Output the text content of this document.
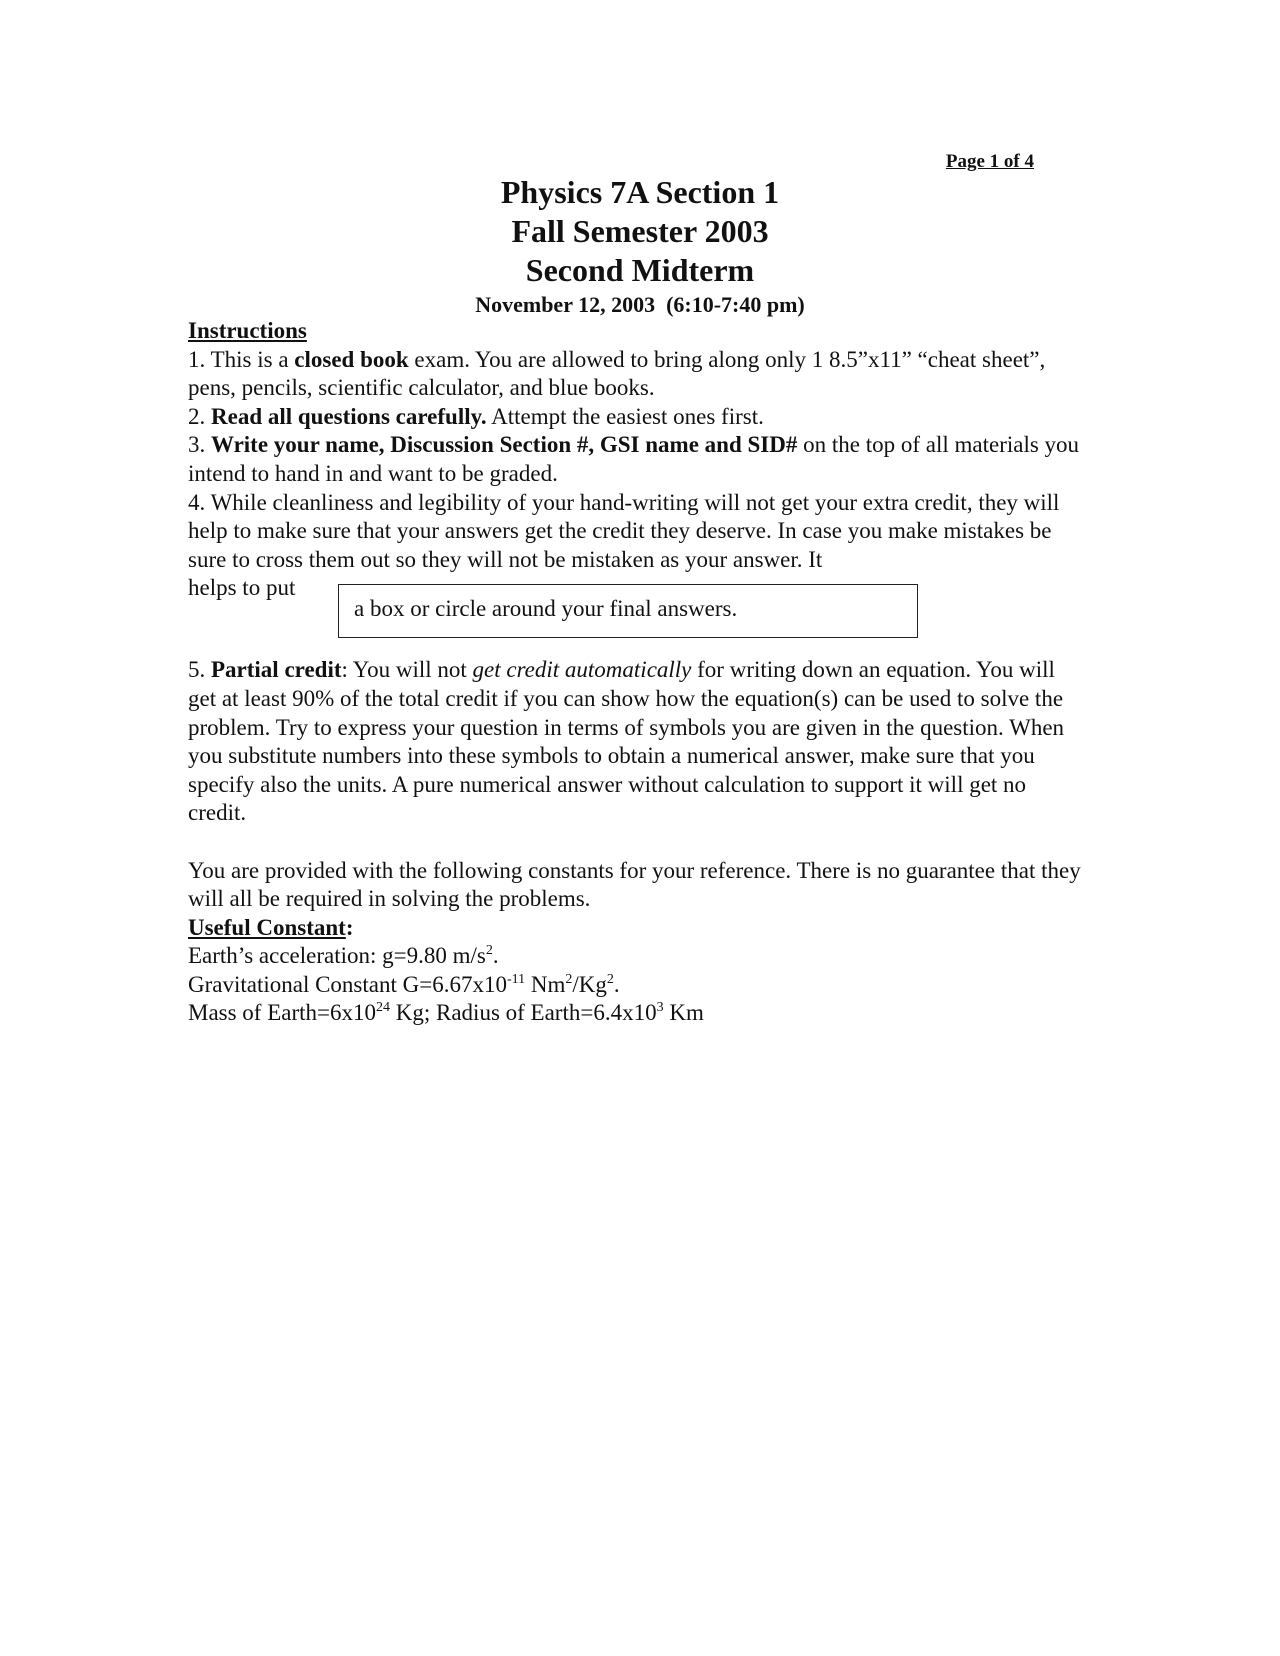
Page 1 of 4

Physics 7A Section 1

Fall Semester 2003

Second Midterm

November 12, 2003  (6:10-7:40 pm)

Instructions

1. This is a closed book exam. You are allowed to bring along only 1 8.5”x11” “cheat sheet”, pens, pencils, scientific calculator, and blue books.

2. Read all questions carefully. Attempt the easiest ones first.

3. Write your name, Discussion Section #, GSI name and SID# on the top of all materials you intend to hand in and want to be graded.

4. While cleanliness and legibility of your hand-writing will not get your extra credit, they will help to make sure that your answers get the credit they deserve. In case you make mistakes be sure to cross them out so they will not be mistaken as your answer. It

helps to put
a box or circle around your final answers.

5. Partial credit: You will not get credit automatically for writing down an equation. You will get at least 90% of the total credit if you can show how the equation(s) can be used to solve the problem. Try to express your question in terms of symbols you are given in the question. When you substitute numbers into these symbols to obtain a numerical answer, make sure that you specify also the units. A pure numerical answer without calculation to support it will get no credit.

You are provided with the following constants for your reference. There is no guarantee that they will all be required in solving the problems.

Useful Constant:

Earth’s acceleration: g=9.80 $m/s^2$.

Gravitational Constant $G=6.67x10^{-11}$ Nm$^2$/Kg$^2$.

Mass of $Earth=6x10^{24}$ Kg; Radius of $Earth=6.4x10^3$ Km
